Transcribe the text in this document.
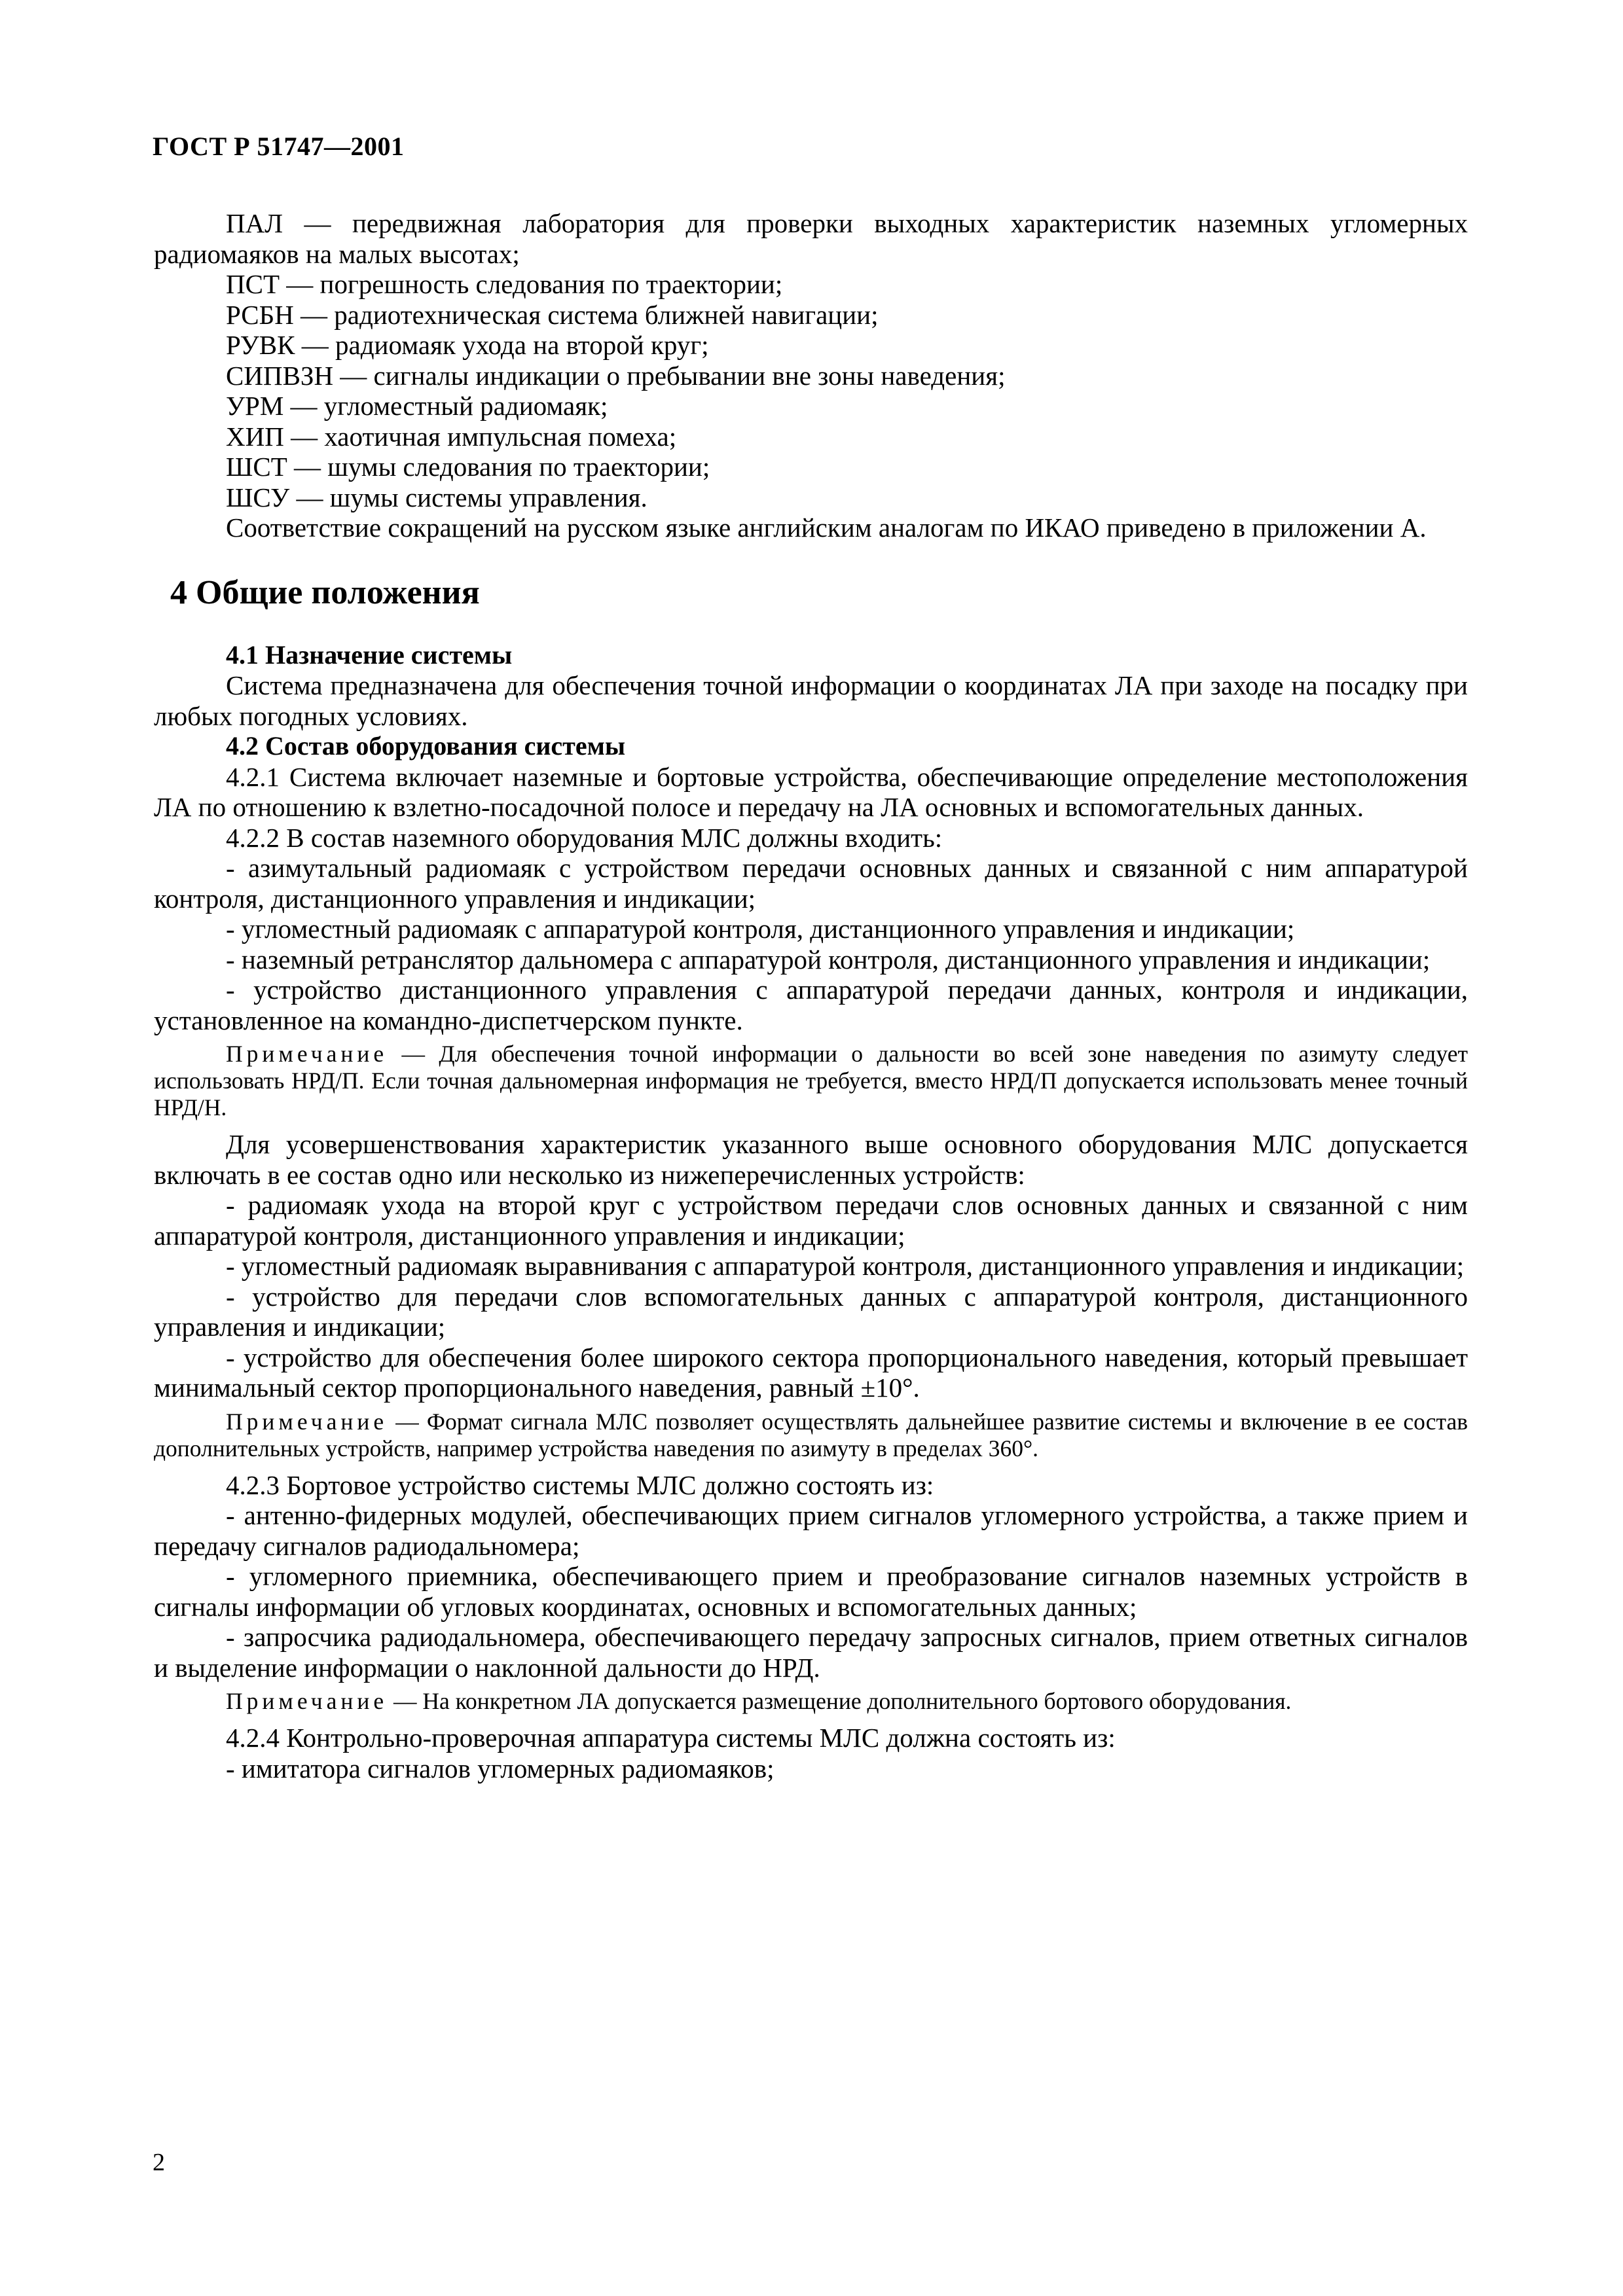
ГОСТ Р 51747—2001

ПАЛ — передвижная лаборатория для проверки выходных характеристик наземных угломерных радиомаяков на малых высотах;

ПСТ — погрешность следования по траектории;

РСБН — радиотехническая система ближней навигации;

РУВК — радиомаяк ухода на второй круг;

СИПВЗН — сигналы индикации о пребывании вне зоны наведения;

УРМ — угломестный радиомаяк;

ХИП — хаотичная импульсная помеха;

ШСТ — шумы следования по траектории;

ШСУ — шумы системы управления.

Соответствие сокращений на русском языке английским аналогам по ИКАО приведено в приложении А.

4 Общие положения

4.1 Назначение системы

Система предназначена для обеспечения точной информации о координатах ЛА при заходе на посадку при любых погодных условиях.

4.2 Состав оборудования системы

4.2.1 Система включает наземные и бортовые устройства, обеспечивающие определение местоположения ЛА по отношению к взлетно-посадочной полосе и передачу на ЛА основных и вспомогательных данных.

4.2.2 В состав наземного оборудования МЛС должны входить:

- азимутальный радиомаяк с устройством передачи основных данных и связанной с ним аппаратурой контроля, дистанционного управления и индикации;

- угломестный радиомаяк с аппаратурой контроля, дистанционного управления и индикации;

- наземный ретранслятор дальномера с аппаратурой контроля, дистанционного управления и индикации;

- устройство дистанционного управления с аппаратурой передачи данных, контроля и индикации, установленное на командно-диспетчерском пункте.

Примечание — Для обеспечения точной информации о дальности во всей зоне наведения по азимуту следует использовать НРД/П. Если точная дальномерная информация не требуется, вместо НРД/П допускается использовать менее точный НРД/Н.

Для усовершенствования характеристик указанного выше основного оборудования МЛС допускается включать в ее состав одно или несколько из нижеперечисленных устройств:

- радиомаяк ухода на второй круг с устройством передачи слов основных данных и связанной с ним аппаратурой контроля, дистанционного управления и индикации;

- угломестный радиомаяк выравнивания с аппаратурой контроля, дистанционного управления и индикации;

- устройство для передачи слов вспомогательных данных с аппаратурой контроля, дистанционного управления и индикации;

- устройство для обеспечения более широкого сектора пропорционального наведения, который превышает минимальный сектор пропорционального наведения, равный ±10°.

Примечание — Формат сигнала МЛС позволяет осуществлять дальнейшее развитие системы и включение в ее состав дополнительных устройств, например устройства наведения по азимуту в пределах 360°.

4.2.3 Бортовое устройство системы МЛС должно состоять из:

- антенно-фидерных модулей, обеспечивающих прием сигналов угломерного устройства, а также прием и передачу сигналов радиодальномера;

- угломерного приемника, обеспечивающего прием и преобразование сигналов наземных устройств в сигналы информации об угловых координатах, основных и вспомогательных данных;

- запросчика радиодальномера, обеспечивающего передачу запросных сигналов, прием ответных сигналов и выделение информации о наклонной дальности до НРД.

Примечание — На конкретном ЛА допускается размещение дополнительного бортового оборудования.

4.2.4 Контрольно-проверочная аппаратура системы МЛС должна состоять из:

- имитатора сигналов угломерных радиомаяков;

2
